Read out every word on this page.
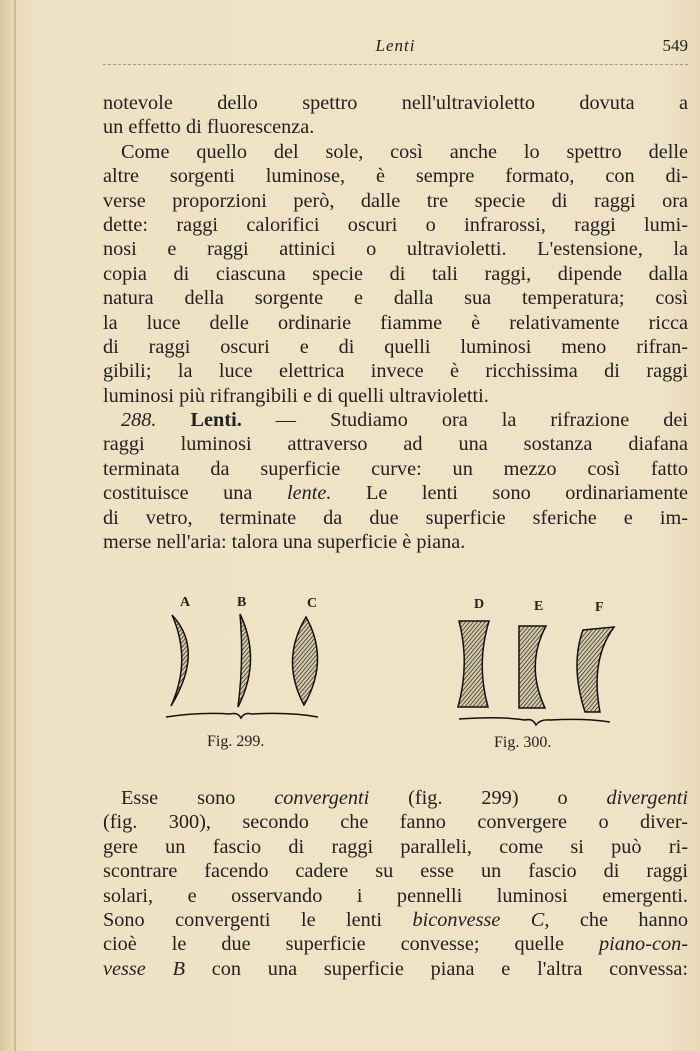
Lenti	549
notevole dello spettro nell'ultravioletto dovuta a
un effetto di fluorescenza.
Come quello del sole, così anche lo spettro delle
altre sorgenti luminose, è sempre formato, con di-
verse proporzioni però, dalle tre specie di raggi ora
dette: raggi calorifici oscuri o infrarossi, raggi lumi-
nosi e raggi attinici o ultravioletti. L'estensione, la
copia di ciascuna specie di tali raggi, dipende dalla
natura della sorgente e dalla sua temperatura; così
la luce delle ordinarie fiamme è relativamente ricca
di raggi oscuri e di quelli luminosi meno rifran-
gibili; la luce elettrica invece è ricchissima di raggi
luminosi più rifrangibili e di quelli ultravioletti.
288. Lenti. — Studiamo ora la rifrazione dei
raggi luminosi attraverso ad una sostanza diafana
terminata da superficie curve: un mezzo così fatto
costituisce una lente. Le lenti sono ordinariamente
di vetro, terminate da due superficie sferiche e im-
merse nell'aria: talora una superficie è piana.
Esse sono convergenti (fig. 299) o divergenti
(fig. 300), secondo che fanno convergere o diver-
gere un fascio di raggi paralleli, come si può ri-
scontrare facendo cadere su esse un fascio di raggi
solari, e osservando i pennelli luminosi emergenti.
Sono convergenti le lenti biconvesse C, che hanno
cioè le due superficie convesse; quelle piano-con-
vesse B con una superficie piana e l'altra convessa:
A	B	C
Fig. 299.
D	E	F
Fig. 300.
